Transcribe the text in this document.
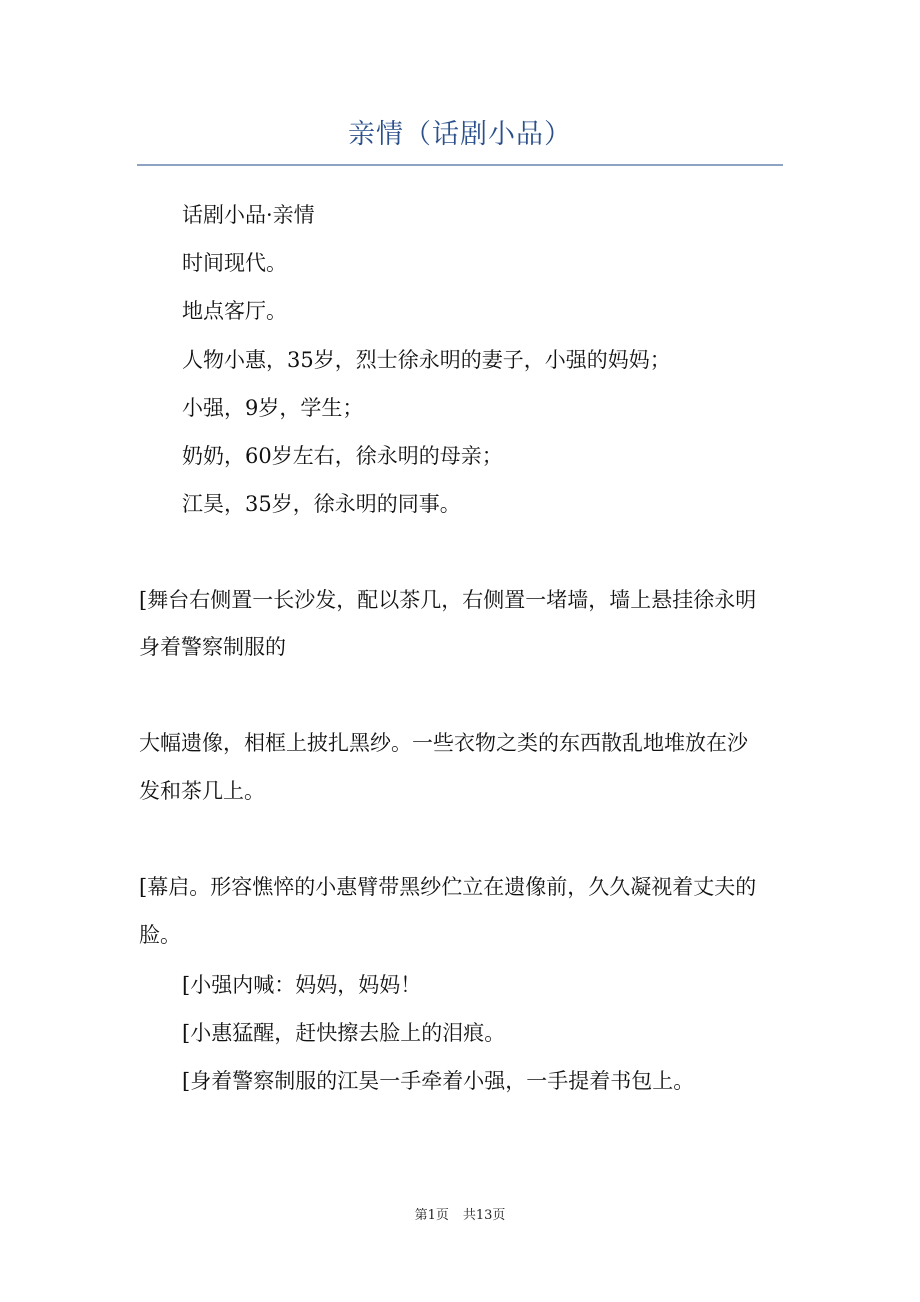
亲情（话剧小品）
话剧小品·亲情
时间现代。
地点客厅。
人物小惠，35岁，烈士徐永明的妻子，小强的妈妈；
小强，9岁，学生；
奶奶，60岁左右，徐永明的母亲；
江昊，35岁，徐永明的同事。
[舞台右侧置一长沙发，配以茶几，右侧置一堵墙，墙上悬挂徐永明
身着警察制服的
大幅遗像，相框上披扎黑纱。一些衣物之类的东西散乱地堆放在沙
发和茶几上。
[幕启。形容憔悴的小惠臂带黑纱伫立在遗像前，久久凝视着丈夫的
脸。
[小强内喊：妈妈，妈妈！
[小惠猛醒，赶快擦去脸上的泪痕。
[身着警察制服的江昊一手牵着小强，一手提着书包上。
第1页 共13页
